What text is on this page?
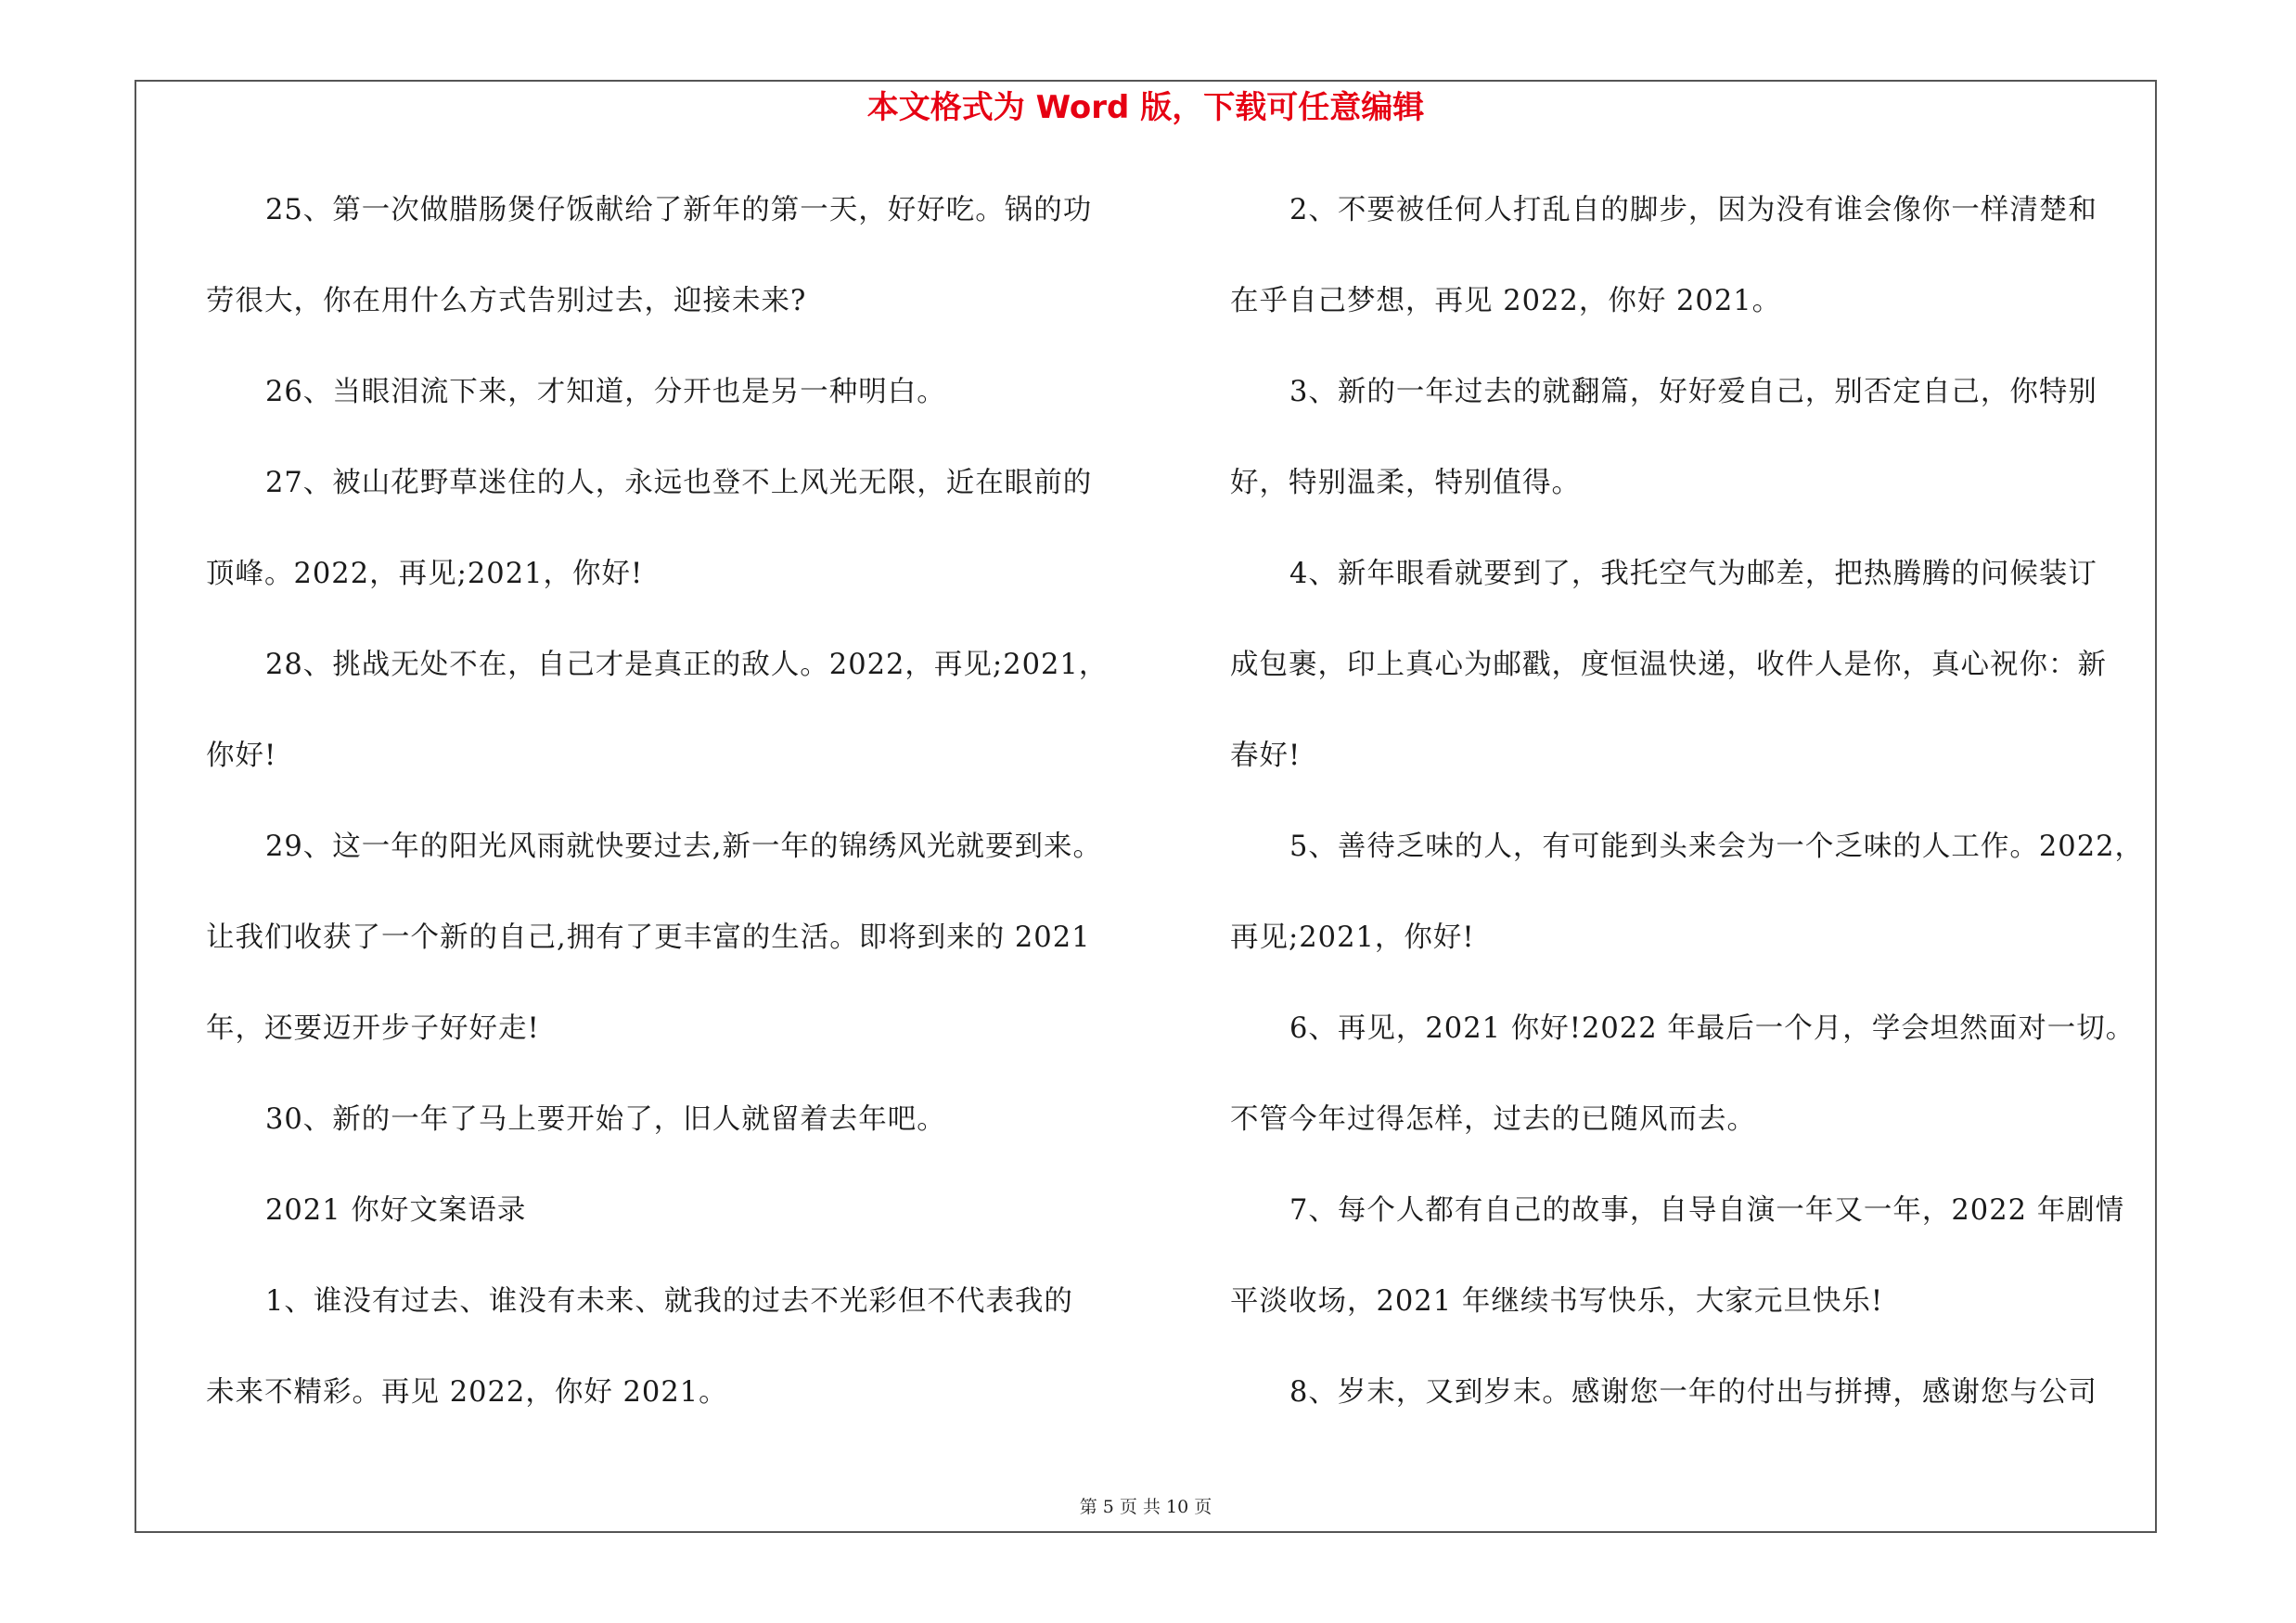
本文格式为 Word 版，下载可任意编辑

25、第一次做腊肠煲仔饭献给了新年的第一天，好好吃。锅的功

劳很大，你在用什么方式告别过去，迎接未来?

26、当眼泪流下来，才知道，分开也是另一种明白。

27、被山花野草迷住的人，永远也登不上风光无限，近在眼前的

顶峰。2022，再见;2021，你好!

28、挑战无处不在，自己才是真正的敌人。2022，再见;2021，

你好!

29、这一年的阳光风雨就快要过去,新一年的锦绣风光就要到来。

让我们收获了一个新的自己,拥有了更丰富的生活。即将到来的 2021

年，还要迈开步子好好走!

30、新的一年了马上要开始了，旧人就留着去年吧。

2021 你好文案语录

1、谁没有过去、谁没有未来、就我的过去不光彩但不代表我的

未来不精彩。再见 2022，你好 2021。

2、不要被任何人打乱自的脚步，因为没有谁会像你一样清楚和

在乎自己梦想，再见 2022，你好 2021。

3、新的一年过去的就翻篇，好好爱自己，别否定自己，你特别

好，特别温柔，特别值得。

4、新年眼看就要到了，我托空气为邮差，把热腾腾的问候装订

成包裹，印上真心为邮戳，度恒温快递，收件人是你，真心祝你：新

春好!

5、善待乏味的人，有可能到头来会为一个乏味的人工作。2022，

再见;2021，你好!

6、再见，2021 你好!2022 年最后一个月，学会坦然面对一切。

不管今年过得怎样，过去的已随风而去。

7、每个人都有自己的故事，自导自演一年又一年，2022 年剧情

平淡收场，2021 年继续书写快乐，大家元旦快乐!

8、岁末，又到岁末。感谢您一年的付出与拼搏，感谢您与公司

第 5 页 共 10 页
